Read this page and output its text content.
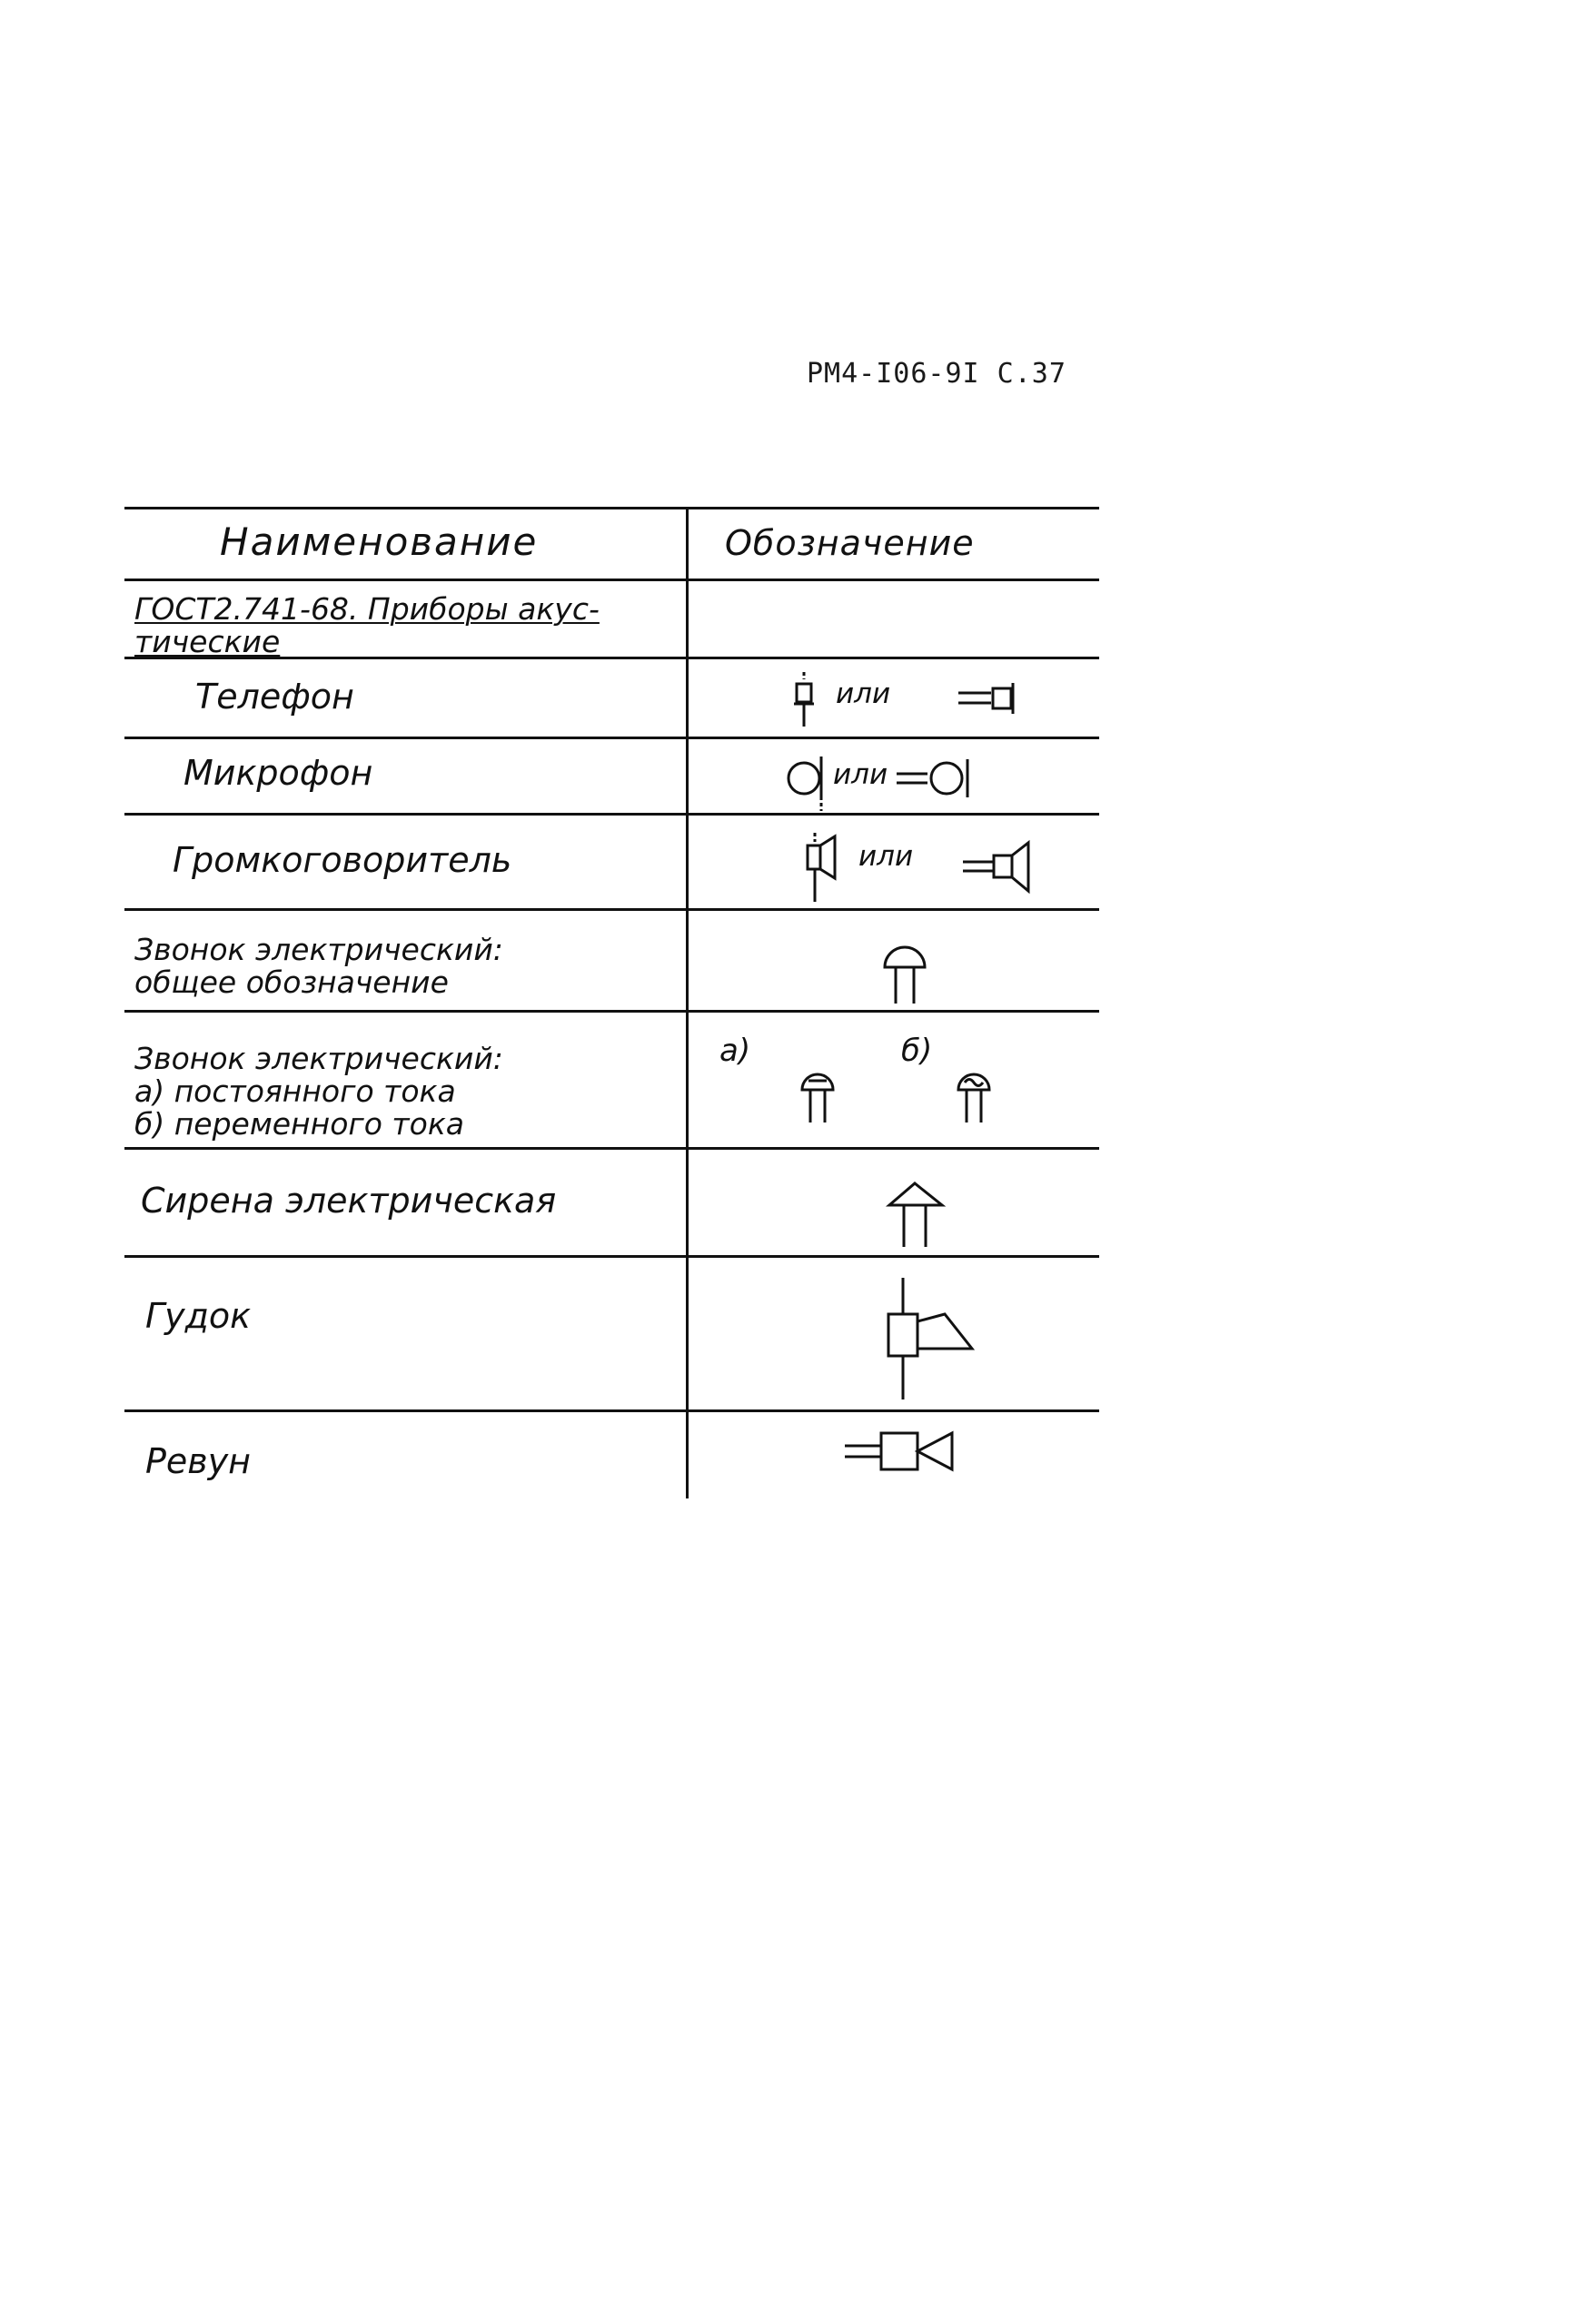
РМ4-I06-9I С.37
Наименование	Обозначение
ГОСТ2.741-68. Приборы акус-
тические
Телефон	или
Микрофон	или
Громкоговоритель	или
Звонок электрический:
общее обозначение
Звонок электрический:
а) постоянного тока
б) переменного тока
а)	б)
Сирена электрическая
Гудок
Ревун
